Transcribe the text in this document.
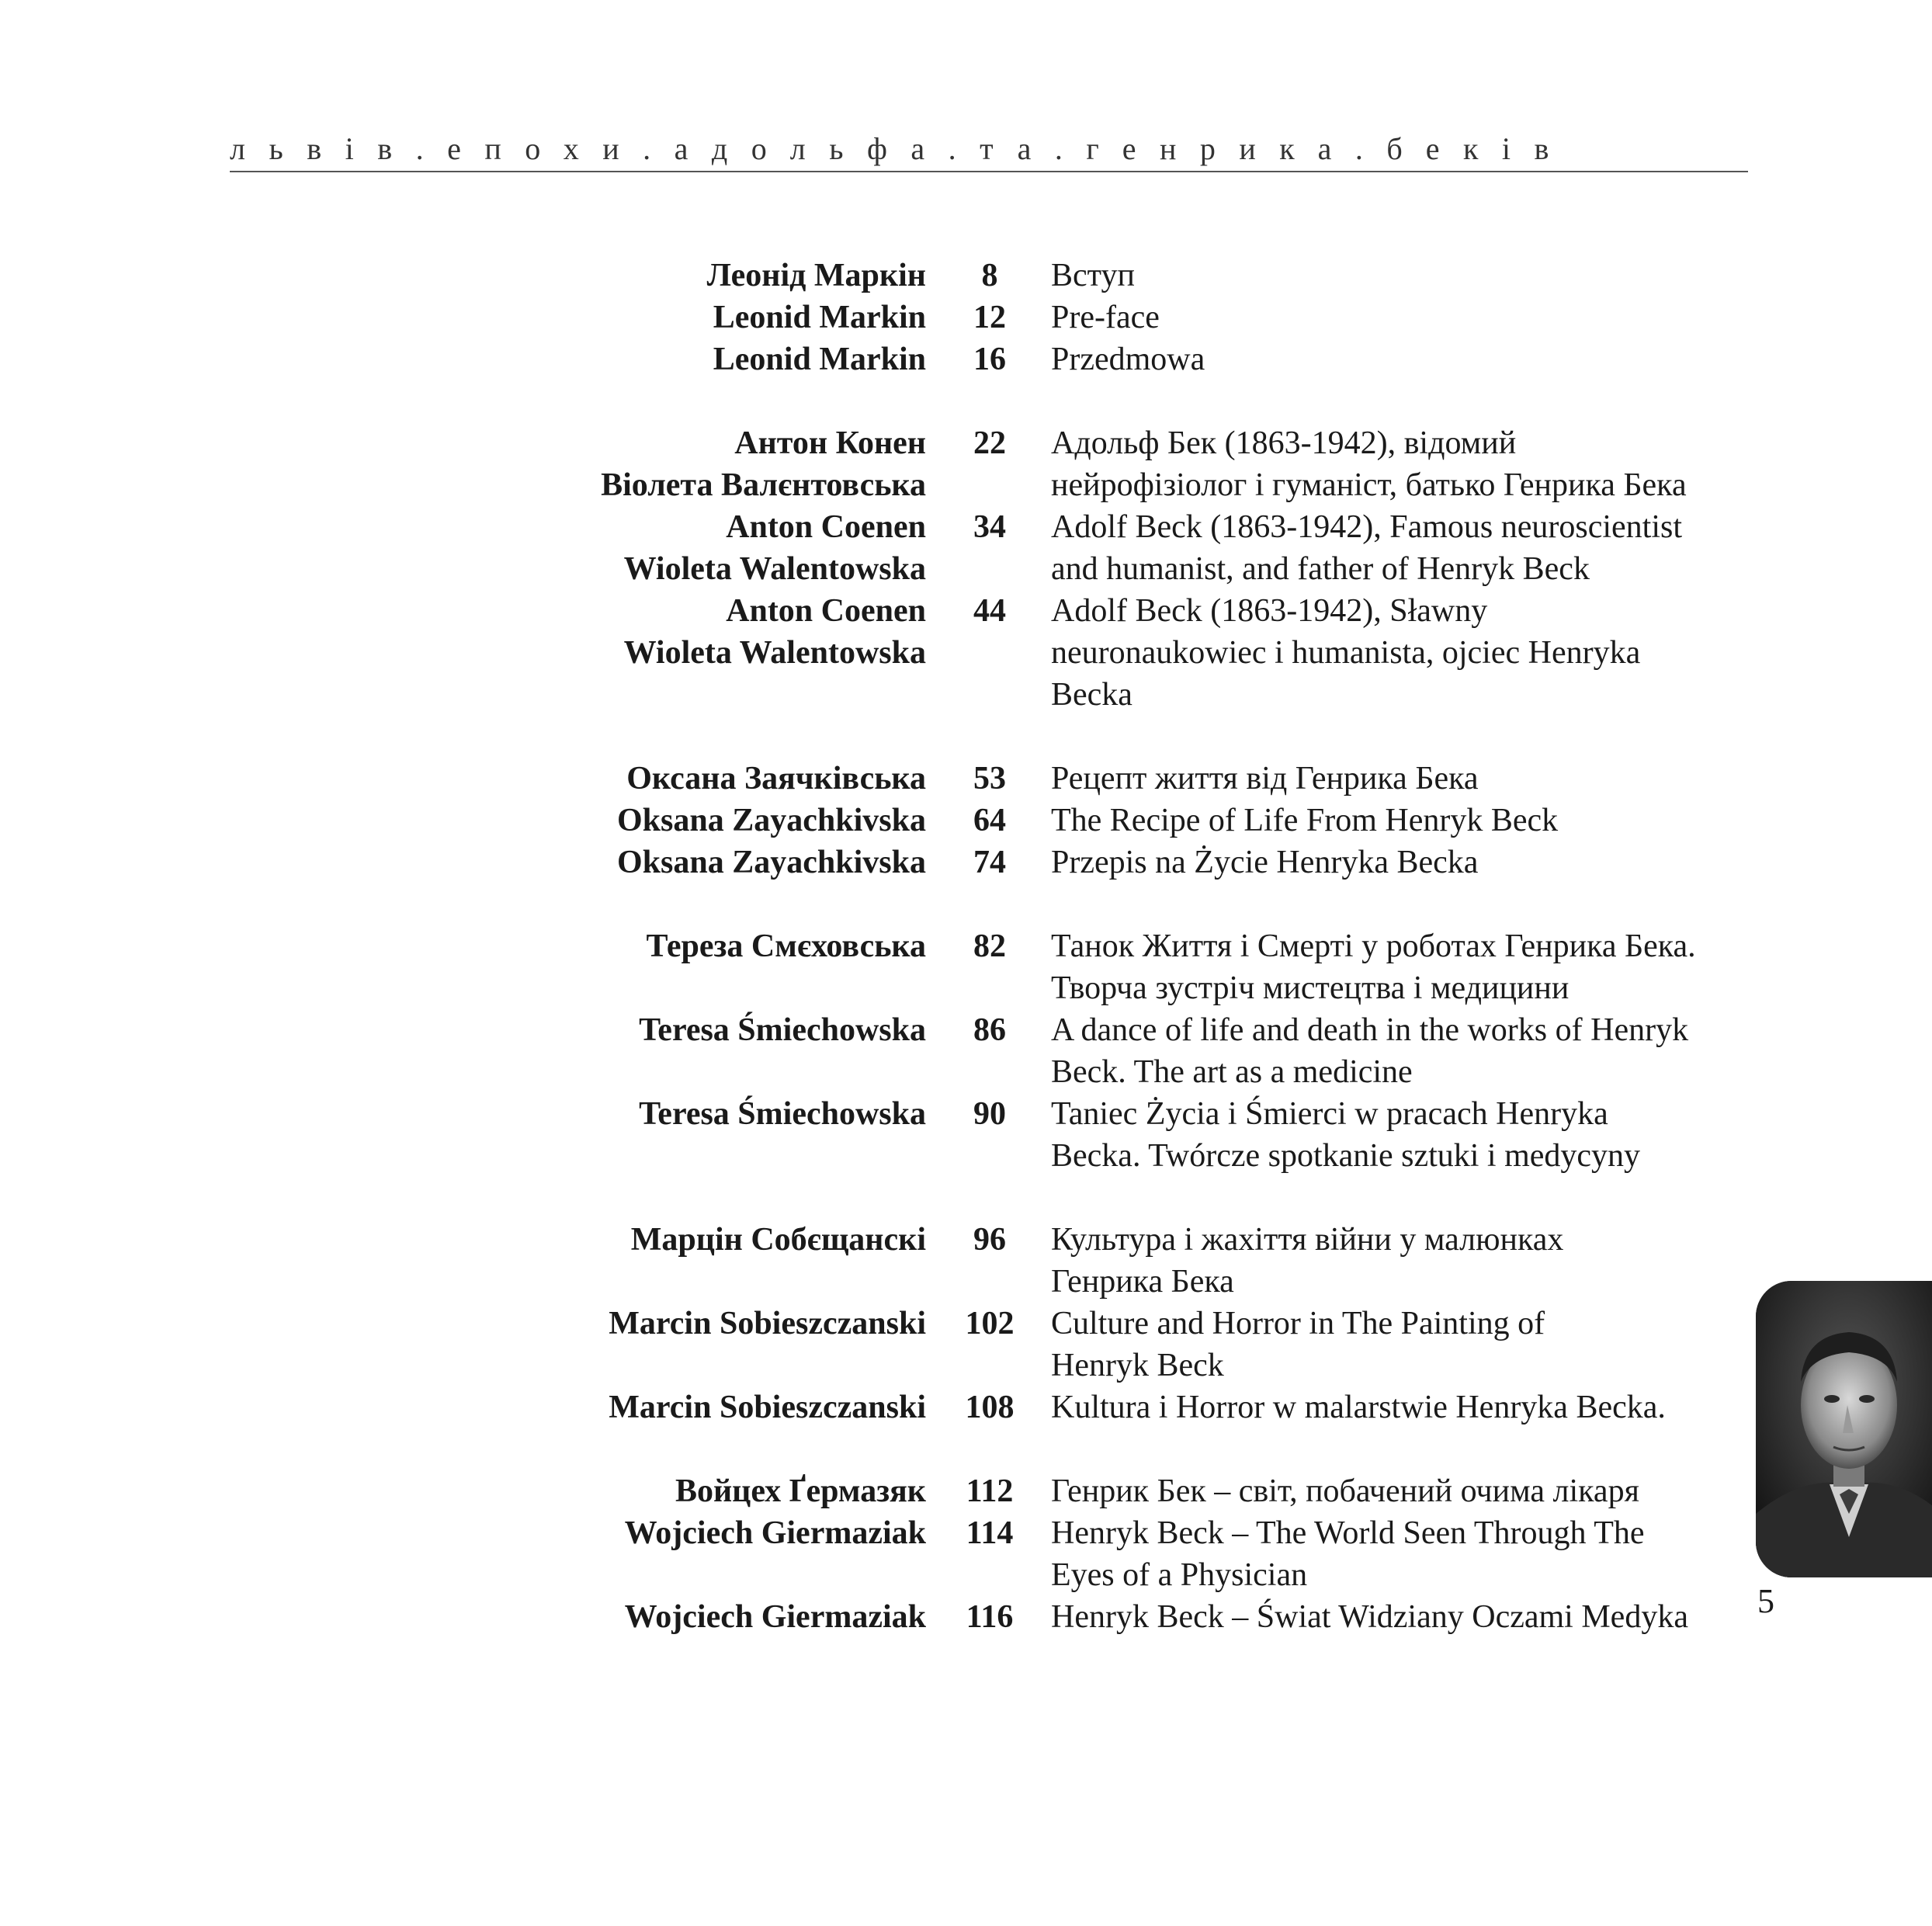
львів.епохи.адольфа.та.генрика.беків
Леонід Маркін	8	Вступ
Leonid Markin	12	Pre-face
Leonid Markin	16	Przedmowa
Антон Конен	22	Адольф Бек (1863-1942), відомий
Віолета Валєнтовська	нейрофізіолог і гуманіст, батько Генрика Бека
Anton Coenen	34	Adolf Beck (1863-1942), Famous neuroscientist
Wioleta Walentowska	and humanist, and father of Henryk Beck
Anton Coenen	44	Adolf Beck (1863-1942), Sławny
Wioleta Walentowska	neuronaukowiec i humanista, ojciec Henryka
Becka
Оксана Заячківська	53	Рецепт життя від Генрика Бека
Oksana Zayachkivska	64	The Recipe of Life From Henryk Beck
Oksana Zayachkivska	74	Przepis na Życie Henryka Becka
Тереза Смєховська	82	Танок Життя і Смерті у роботах Генрика Бека.
Творча зустріч мистецтва і медицини
Teresa Śmiechowska	86	A dance of life and death in the works of Henryk
Beck. The art as a medicine
Teresa Śmiechowska	90	Taniec Życia i Śmierci w pracach Henryka
Becka. Twórcze spotkanie sztuki i medycyny
Марцін Собєщанскі	96	Культура і жахіття війни у малюнках
Генрика Бека
Marcin Sobieszczanski	102	Culture and Horror in The Painting of
Henryk Beck
Marcin Sobieszczanski	108	Kultura i Horror w malarstwie Henryka Becka.
Войцех Ґермазяк	112	Генрик Бек – світ, побачений очима лікаря
Wojciech Giermaziak	114	Henryk Beck – The World Seen Through The
Eyes of a Physician
Wojciech Giermaziak	116	Henryk Beck – Świat Widziany Oczami Medyka	5
